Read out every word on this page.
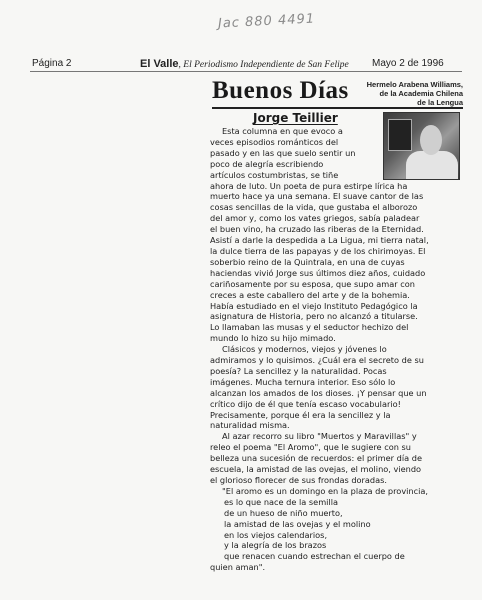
Jac 880 4491
Página 2	El Valle, El Periodismo Independiente de San Felipe Mayo 2 de 1996
Buenos Días	Hermelo Arabena Williams,
de la Academia Chilena
de la Lengua
Jorge Teillier

Esta columna en que evoco a
veces episodios románticos del
pasado y en las que suelo sentir un
poco de alegría escribiendo
artículos costumbristas, se tiñe
ahora de luto. Un poeta de pura estirpe lírica ha
muerto hace ya una semana. El suave cantor de las
cosas sencillas de la vida, que gustaba el alborozo
del amor y, como los vates griegos, sabía paladear
el buen vino, ha cruzado las riberas de la Eternidad.
Asistí a darle la despedida a La Ligua, mi tierra natal,
la dulce tierra de las papayas y de los chirimoyas. El
soberbio reino de la Quintrala, en una de cuyas
haciendas vivió Jorge sus últimos diez años, cuidado
cariñosamente por su esposa, que supo amar con
creces a este caballero del arte y de la bohemia.
Había estudiado en el viejo Instituto Pedagógico la
asignatura de Historia, pero no alcanzó a titularse.
Lo llamaban las musas y el seductor hechizo del
mundo lo hizo su hijo mimado.

Clásicos y modernos, viejos y jóvenes lo
admiramos y lo quisimos. ¿Cuál era el secreto de su
poesía? La sencillez y la naturalidad. Pocas
imágenes. Mucha ternura interior. Eso sólo lo
alcanzan los amados de los dioses. ¡Y pensar que un
crítico dijo de él que tenía escaso vocabulario!
Precisamente, porque él era la sencillez y la
naturalidad misma.

Al azar recorro su libro "Muertos y Maravillas" y
releo el poema "El Aromo", que le sugiere con su
belleza una sucesión de recuerdos: el primer día de
escuela, la amistad de las ovejas, el molino, viendo
el glorioso florecer de sus frondas doradas.

"El aromo es un domingo en la plaza de provincia,
es lo que nace de la semilla
de un hueso de niño muerto,
la amistad de las ovejas y el molino
en los viejos calendarios,
y la alegría de los brazos
que renacen cuando estrechan el cuerpo de
quien aman".
